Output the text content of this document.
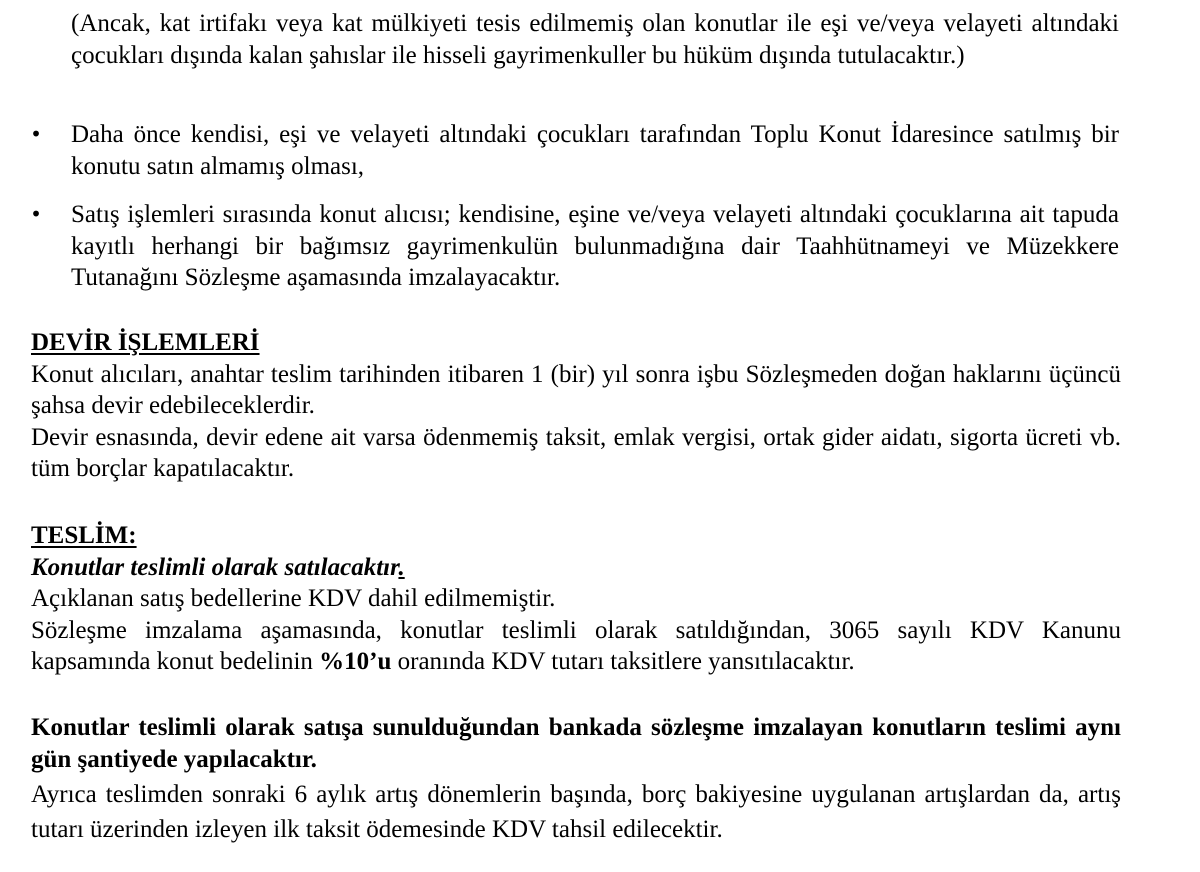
(Ancak, kat irtifakı veya kat mülkiyeti tesis edilmemiş olan konutlar ile eşi ve/veya velayeti altındaki çocukları dışında kalan şahıslar ile hisseli gayrimenkuller bu hüküm dışında tutulacaktır.)

• Daha önce kendisi, eşi ve velayeti altındaki çocukları tarafından Toplu Konut İdaresince satılmış bir konutu satın almamış olması,

• Satış işlemleri sırasında konut alıcısı; kendisine, eşine ve/veya velayeti altındaki çocuklarına ait tapuda kayıtlı herhangi bir bağımsız gayrimenkulün bulunmadığına dair Taahhütnameyi ve Müzekkere Tutanağını Sözleşme aşamasında imzalayacaktır.

DEVİR İŞLEMLERİ

Konut alıcıları, anahtar teslim tarihinden itibaren 1 (bir) yıl sonra işbu Sözleşmeden doğan haklarını üçüncü şahsa devir edebileceklerdir.

Devir esnasında, devir edene ait varsa ödenmemiş taksit, emlak vergisi, ortak gider aidatı, sigorta ücreti vb. tüm borçlar kapatılacaktır.

TESLİM:

Konutlar teslimli olarak satılacaktır.

Açıklanan satış bedellerine KDV dahil edilmemiştir.

Sözleşme imzalama aşamasında, konutlar teslimli olarak satıldığından, 3065 sayılı KDV Kanunu kapsamında konut bedelinin %10’u oranında KDV tutarı taksitlere yansıtılacaktır.

Konutlar teslimli olarak satışa sunulduğundan bankada sözleşme imzalayan konutların teslimi aynı gün şantiyede yapılacaktır.

Ayrıca teslimden sonraki 6 aylık artış dönemlerin başında, borç bakiyesine uygulanan artışlardan da, artış tutarı üzerinden izleyen ilk taksit ödemesinde KDV tahsil edilecektir.
